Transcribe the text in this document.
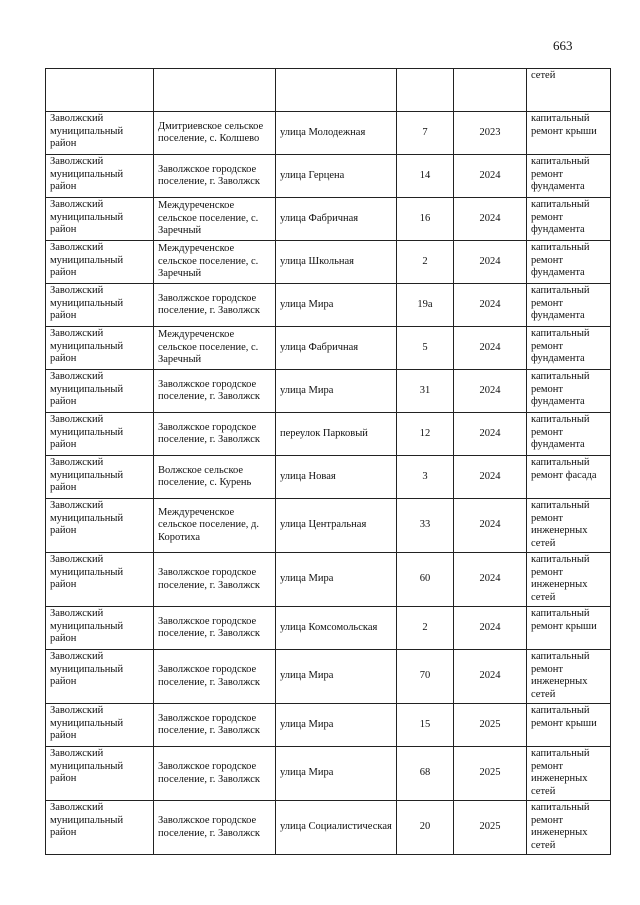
663
					сетей
Заволжский муниципальный район	Дмитриевское сельское поселение, с. Колшево	улица Молодежная	7	2023	капитальный ремонт крыши
Заволжский муниципальный район	Заволжское городское поселение, г. Заволжск	улица Герцена	14	2024	капитальный ремонт фундамента
Заволжский муниципальный район	Междуреченское сельское поселение, с. Заречный	улица Фабричная	16	2024	капитальный ремонт фундамента
Заволжский муниципальный район	Междуреченское сельское поселение, с. Заречный	улица Школьная	2	2024	капитальный ремонт фундамента
Заволжский муниципальный район	Заволжское городское поселение, г. Заволжск	улица Мира	19а	2024	капитальный ремонт фундамента
Заволжский муниципальный район	Междуреченское сельское поселение, с. Заречный	улица Фабричная	5	2024	капитальный ремонт фундамента
Заволжский муниципальный район	Заволжское городское поселение, г. Заволжск	улица Мира	31	2024	капитальный ремонт фундамента
Заволжский муниципальный район	Заволжское городское поселение, г. Заволжск	переулок Парковый	12	2024	капитальный ремонт фундамента
Заволжский муниципальный район	Волжское сельское поселение, с. Курень	улица Новая	3	2024	капитальный ремонт фасада
Заволжский муниципальный район	Междуреченское сельское поселение, д. Коротиха	улица Центральная	33	2024	капитальный ремонт инженерных сетей
Заволжский муниципальный район	Заволжское городское поселение, г. Заволжск	улица Мира	60	2024	капитальный ремонт инженерных сетей
Заволжский муниципальный район	Заволжское городское поселение, г. Заволжск	улица Комсомольская	2	2024	капитальный ремонт крыши
Заволжский муниципальный район	Заволжское городское поселение, г. Заволжск	улица Мира	70	2024	капитальный ремонт инженерных сетей
Заволжский муниципальный район	Заволжское городское поселение, г. Заволжск	улица Мира	15	2025	капитальный ремонт крыши
Заволжский муниципальный район	Заволжское городское поселение, г. Заволжск	улица Мира	68	2025	капитальный ремонт инженерных сетей
Заволжский муниципальный район	Заволжское городское поселение, г. Заволжск	улица Социалистическая	20	2025	капитальный ремонт инженерных сетей
